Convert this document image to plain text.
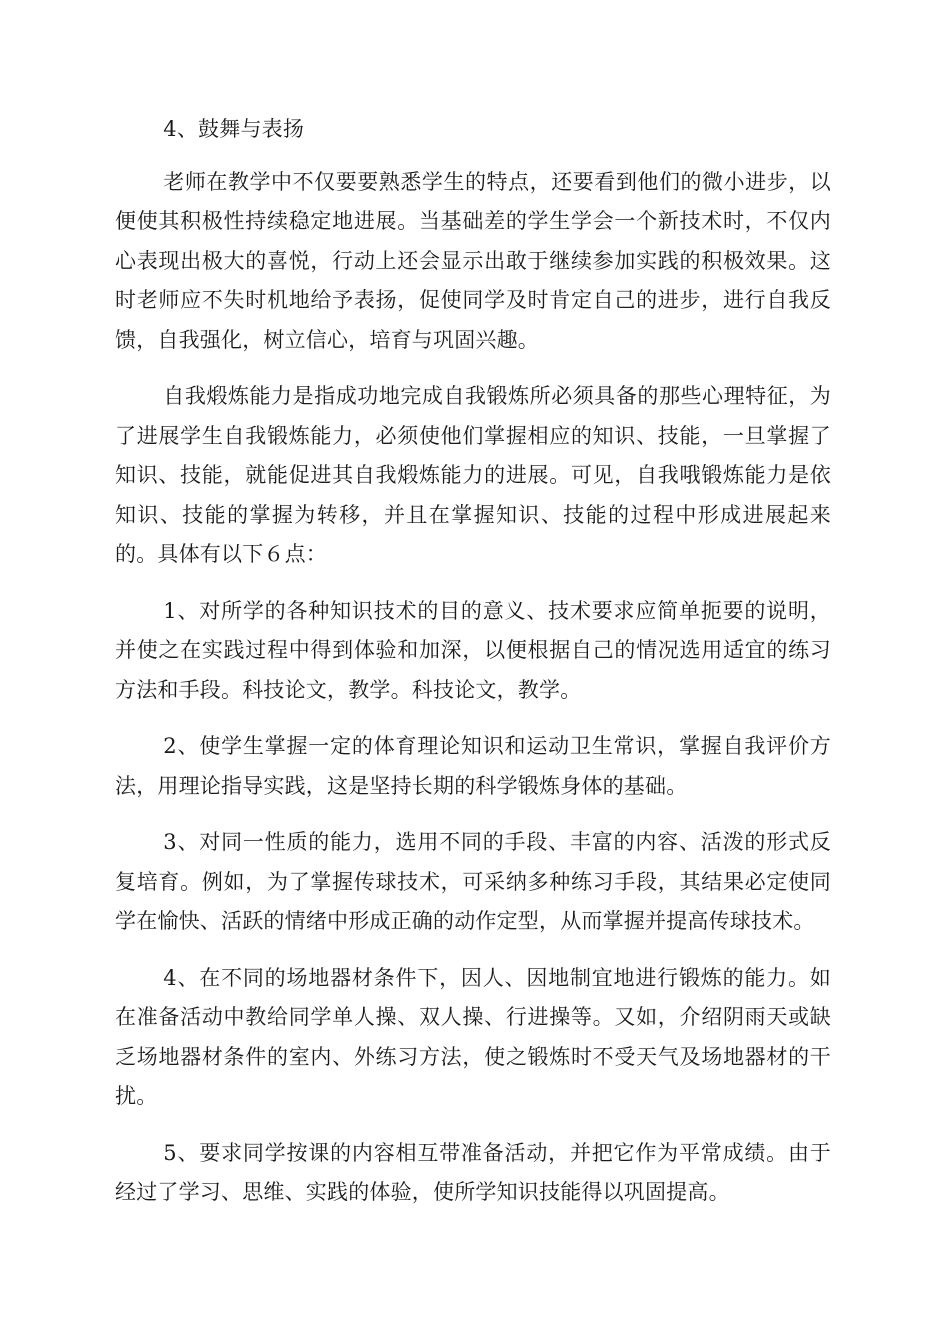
4、鼓舞与表扬

老师在教学中不仅要要熟悉学生的特点，还要看到他们的微小进步，以便使其积极性持续稳定地进展。当基础差的学生学会一个新技术时，不仅内心表现出极大的喜悦，行动上还会显示出敢于继续参加实践的积极效果。这时老师应不失时机地给予表扬，促使同学及时肯定自己的进步，进行自我反馈，自我强化，树立信心，培育与巩固兴趣。

自我煅炼能力是指成功地完成自我锻炼所必须具备的那些心理特征，为了进展学生自我锻炼能力，必须使他们掌握相应的知识、技能，一旦掌握了知识、技能，就能促进其自我煅炼能力的进展。可见，自我哦锻炼能力是依知识、技能的掌握为转移，并且在掌握知识、技能的过程中形成进展起来的。具体有以下６点：

1、对所学的各种知识技术的目的意义、技术要求应简单扼要的说明，并使之在实践过程中得到体验和加深，以便根据自己的情况选用适宜的练习方法和手段。科技论文，教学。科技论文，教学。

2、使学生掌握一定的体育理论知识和运动卫生常识，掌握自我评价方法，用理论指导实践，这是坚持长期的科学锻炼身体的基础。

3、对同一性质的能力，选用不同的手段、丰富的内容、活泼的形式反复培育。例如，为了掌握传球技术，可采纳多种练习手段，其结果必定使同学在愉快、活跃的情绪中形成正确的动作定型，从而掌握并提高传球技术。

4、在不同的场地器材条件下，因人、因地制宜地进行锻炼的能力。如在准备活动中教给同学单人操、双人操、行进操等。又如，介绍阴雨天或缺乏场地器材条件的室内、外练习方法，使之锻炼时不受天气及场地器材的干扰。

5、要求同学按课的内容相互带准备活动，并把它作为平常成绩。由于经过了学习、思维、实践的体验，使所学知识技能得以巩固提高。
